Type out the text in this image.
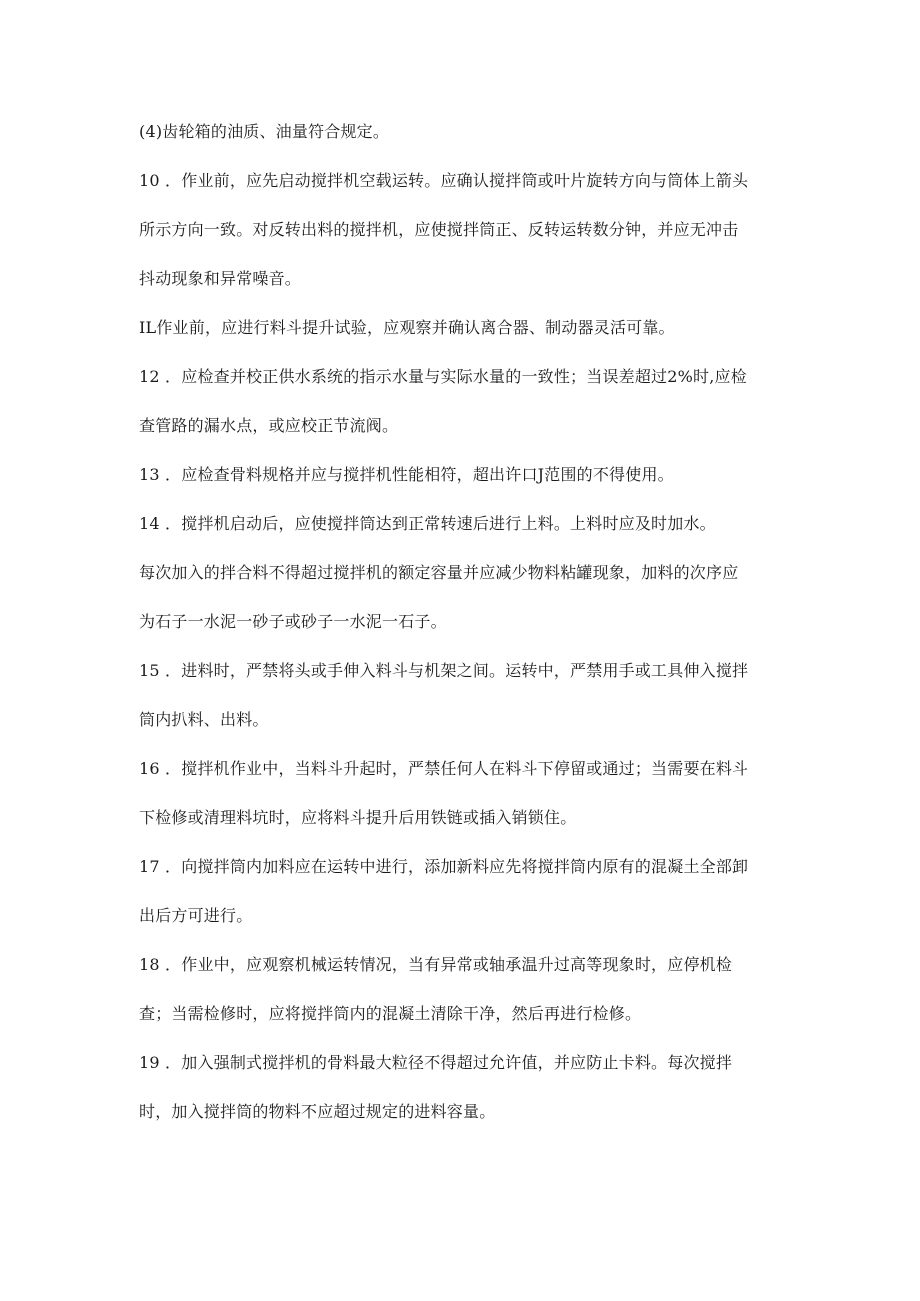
(4)齿轮箱的油质、油量符合规定。
10 ．作业前，应先启动搅拌机空载运转。应确认搅拌筒或叶片旋转方向与筒体上箭头
所示方向一致。对反转出料的搅拌机，应使搅拌筒正、反转运转数分钟，并应无冲击
抖动现象和异常噪音。
IL作业前，应进行料斗提升试验，应观察并确认离合器、制动器灵活可靠。
12 ．应检查并校正供水系统的指示水量与实际水量的一致性；当误差超过2%时,应检
查管路的漏水点，或应校正节流阀。
13 ．应检查骨料规格并应与搅拌机性能相符，超出许口J范围的不得使用。
14 ．搅拌机启动后，应使搅拌筒达到正常转速后进行上料。上料时应及时加水。
每次加入的拌合料不得超过搅拌机的额定容量并应减少物料粘罐现象，加料的次序应
为石子一水泥一砂子或砂子一水泥一石子。
15 ．进料时，严禁将头或手伸入料斗与机架之间。运转中，严禁用手或工具伸入搅拌
筒内扒料、出料。
16 ．搅拌机作业中，当料斗升起时，严禁任何人在料斗下停留或通过；当需要在料斗
下检修或清理料坑时，应将料斗提升后用铁链或插入销锁住。
17 ．向搅拌筒内加料应在运转中进行，添加新料应先将搅拌筒内原有的混凝土全部卸
出后方可进行。
18 ．作业中，应观察机械运转情况，当有异常或轴承温升过高等现象时，应停机检
查；当需检修时，应将搅拌筒内的混凝土清除干净，然后再进行检修。
19 ．加入强制式搅拌机的骨料最大粒径不得超过允许值，并应防止卡料。每次搅拌
时，加入搅拌筒的物料不应超过规定的进料容量。
